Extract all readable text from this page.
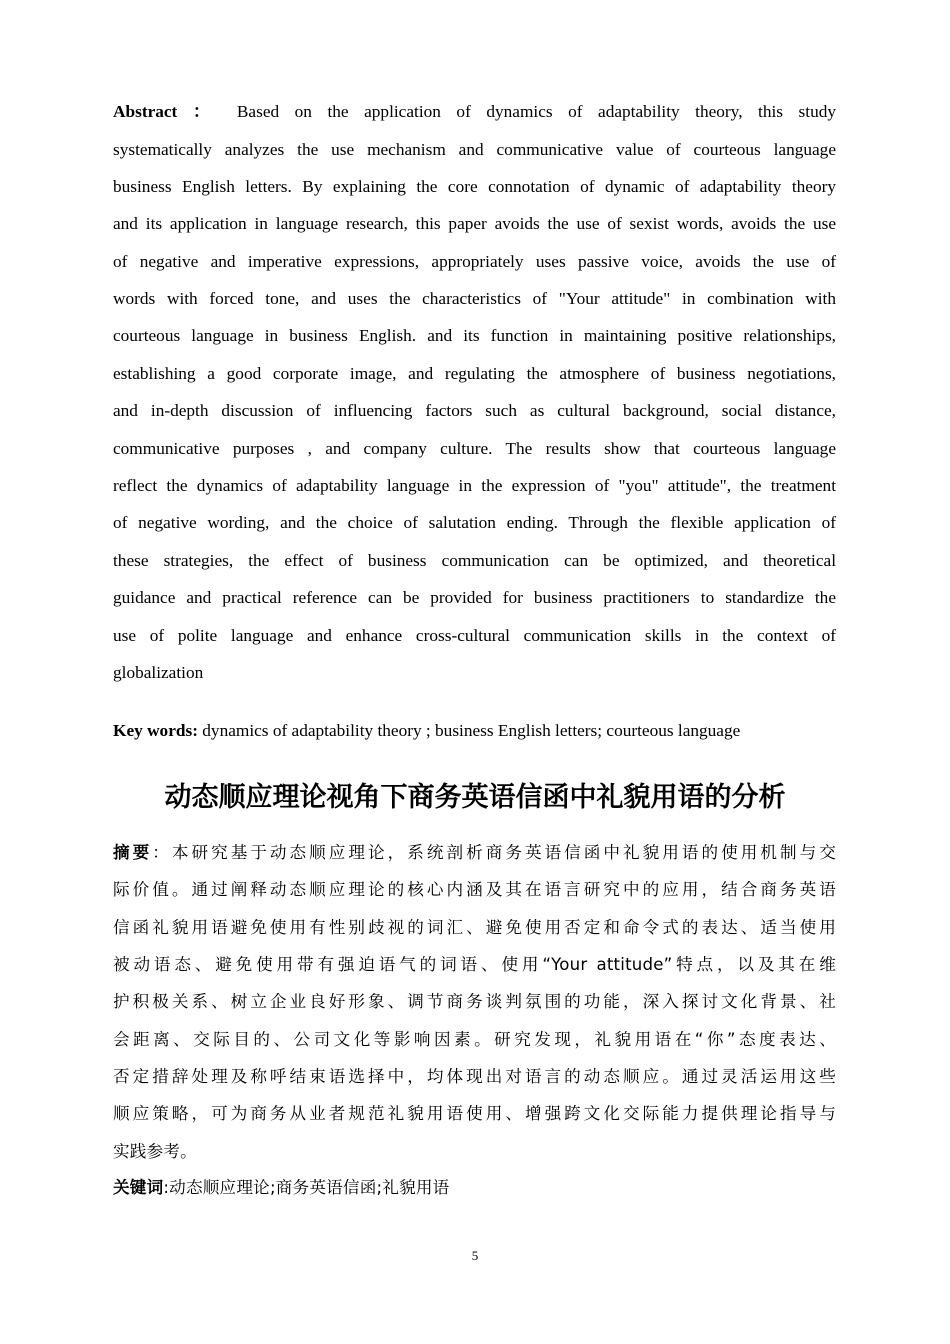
Abstract ： Based on the application of dynamics of adaptability theory, this study
systematically analyzes the use mechanism and communicative value of courteous language
business English letters. By explaining the core connotation of dynamic of adaptability theory
and its application in language research, this paper avoids the use of sexist words, avoids the use
of negative and imperative expressions, appropriately uses passive voice, avoids the use of
words with forced tone, and uses the characteristics of "Your attitude" in combination with
courteous language in business English. and its function in maintaining positive relationships,
establishing a good corporate image, and regulating the atmosphere of business negotiations,
and in-depth discussion of influencing factors such as cultural background, social distance,
communicative purposes , and company culture. The results show that courteous language
reflect the dynamics of adaptability language in the expression of "you" attitude", the treatment
of negative wording, and the choice of salutation ending. Through the flexible application of
these strategies, the effect of business communication can be optimized, and theoretical
guidance and practical reference can be provided for business practitioners to standardize the
use of polite language and enhance cross-cultural communication skills in the context of
globalization
Key words: dynamics of adaptability theory ; business English letters; courteous language
动态顺应理论视角下商务英语信函中礼貌用语的分析
摘要：本研究基于动态顺应理论，系统剖析商务英语信函中礼貌用语的使用机制与交
际价值。通过阐释动态顺应理论的核心内涵及其在语言研究中的应用，结合商务英语
信函礼貌用语避免使用有性别歧视的词汇、避免使用否定和命令式的表达、适当使用
被动语态、避免使用带有强迫语气的词语、使用“Your attitude”特点，以及其在维
护积极关系、树立企业良好形象、调节商务谈判氛围的功能，深入探讨文化背景、社
会距离、交际目的、公司文化等影响因素。研究发现，礼貌用语在“你”态度表达、
否定措辞处理及称呼结束语选择中，均体现出对语言的动态顺应。通过灵活运用这些
顺应策略，可为商务从业者规范礼貌用语使用、增强跨文化交际能力提供理论指导与
实践参考。
关键词:动态顺应理论;商务英语信函;礼貌用语
5
